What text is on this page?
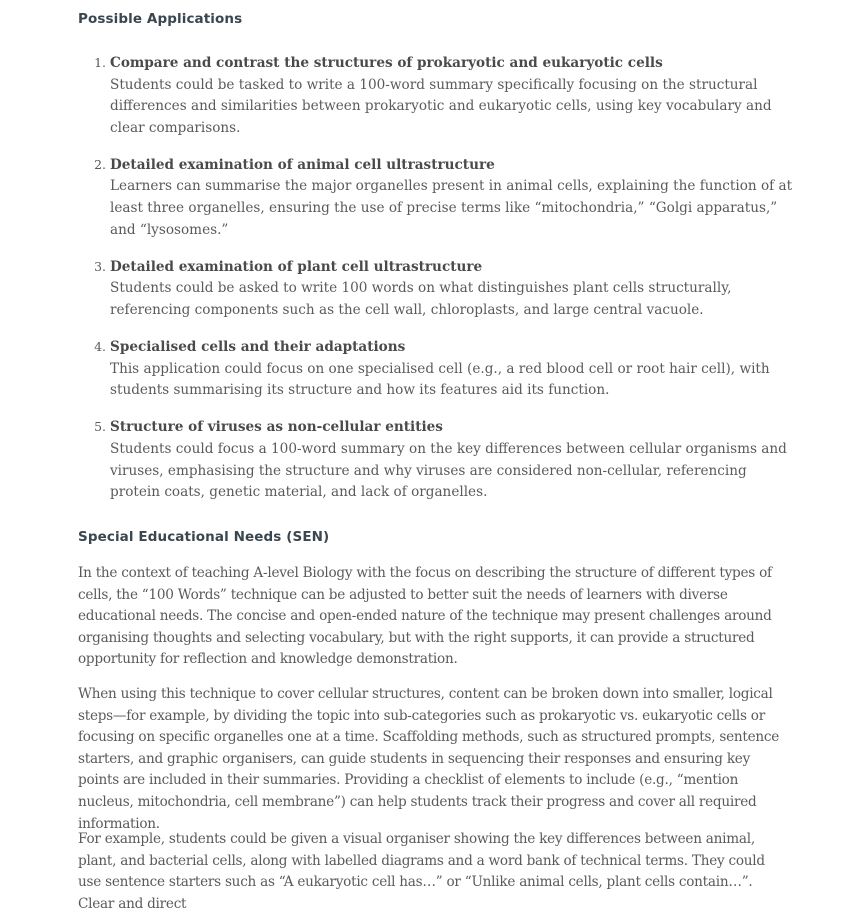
Possible Applications
1. Compare and contrast the structures of prokaryotic and eukaryotic cells
Students could be tasked to write a 100-word summary specifically focusing on the structural differences and similarities between prokaryotic and eukaryotic cells, using key vocabulary and clear comparisons.
2. Detailed examination of animal cell ultrastructure
Learners can summarise the major organelles present in animal cells, explaining the function of at least three organelles, ensuring the use of precise terms like “mitochondria,” “Golgi apparatus,” and “lysosomes.”
3. Detailed examination of plant cell ultrastructure
Students could be asked to write 100 words on what distinguishes plant cells structurally, referencing components such as the cell wall, chloroplasts, and large central vacuole.
4. Specialised cells and their adaptations
This application could focus on one specialised cell (e.g., a red blood cell or root hair cell), with students summarising its structure and how its features aid its function.
5. Structure of viruses as non-cellular entities
Students could focus a 100-word summary on the key differences between cellular organisms and viruses, emphasising the structure and why viruses are considered non-cellular, referencing protein coats, genetic material, and lack of organelles.
Special Educational Needs (SEN)

In the context of teaching A-level Biology with the focus on describing the structure of different types of cells, the “100 Words” technique can be adjusted to better suit the needs of learners with diverse educational needs. The concise and open-ended nature of the technique may present challenges around organising thoughts and selecting vocabulary, but with the right supports, it can provide a structured opportunity for reflection and knowledge demonstration.

When using this technique to cover cellular structures, content can be broken down into smaller, logical steps—for example, by dividing the topic into sub-categories such as prokaryotic vs. eukaryotic cells or focusing on specific organelles one at a time. Scaffolding methods, such as structured prompts, sentence starters, and graphic organisers, can guide students in sequencing their responses and ensuring key points are included in their summaries. Providing a checklist of elements to include (e.g., “mention nucleus, mitochondria, cell membrane”) can help students track their progress and cover all required information.

For example, students could be given a visual organiser showing the key differences between animal, plant, and bacterial cells, along with labelled diagrams and a word bank of technical terms. They could use sentence starters such as “A eukaryotic cell has…” or “Unlike animal cells, plant cells contain…”. Clear and direct
